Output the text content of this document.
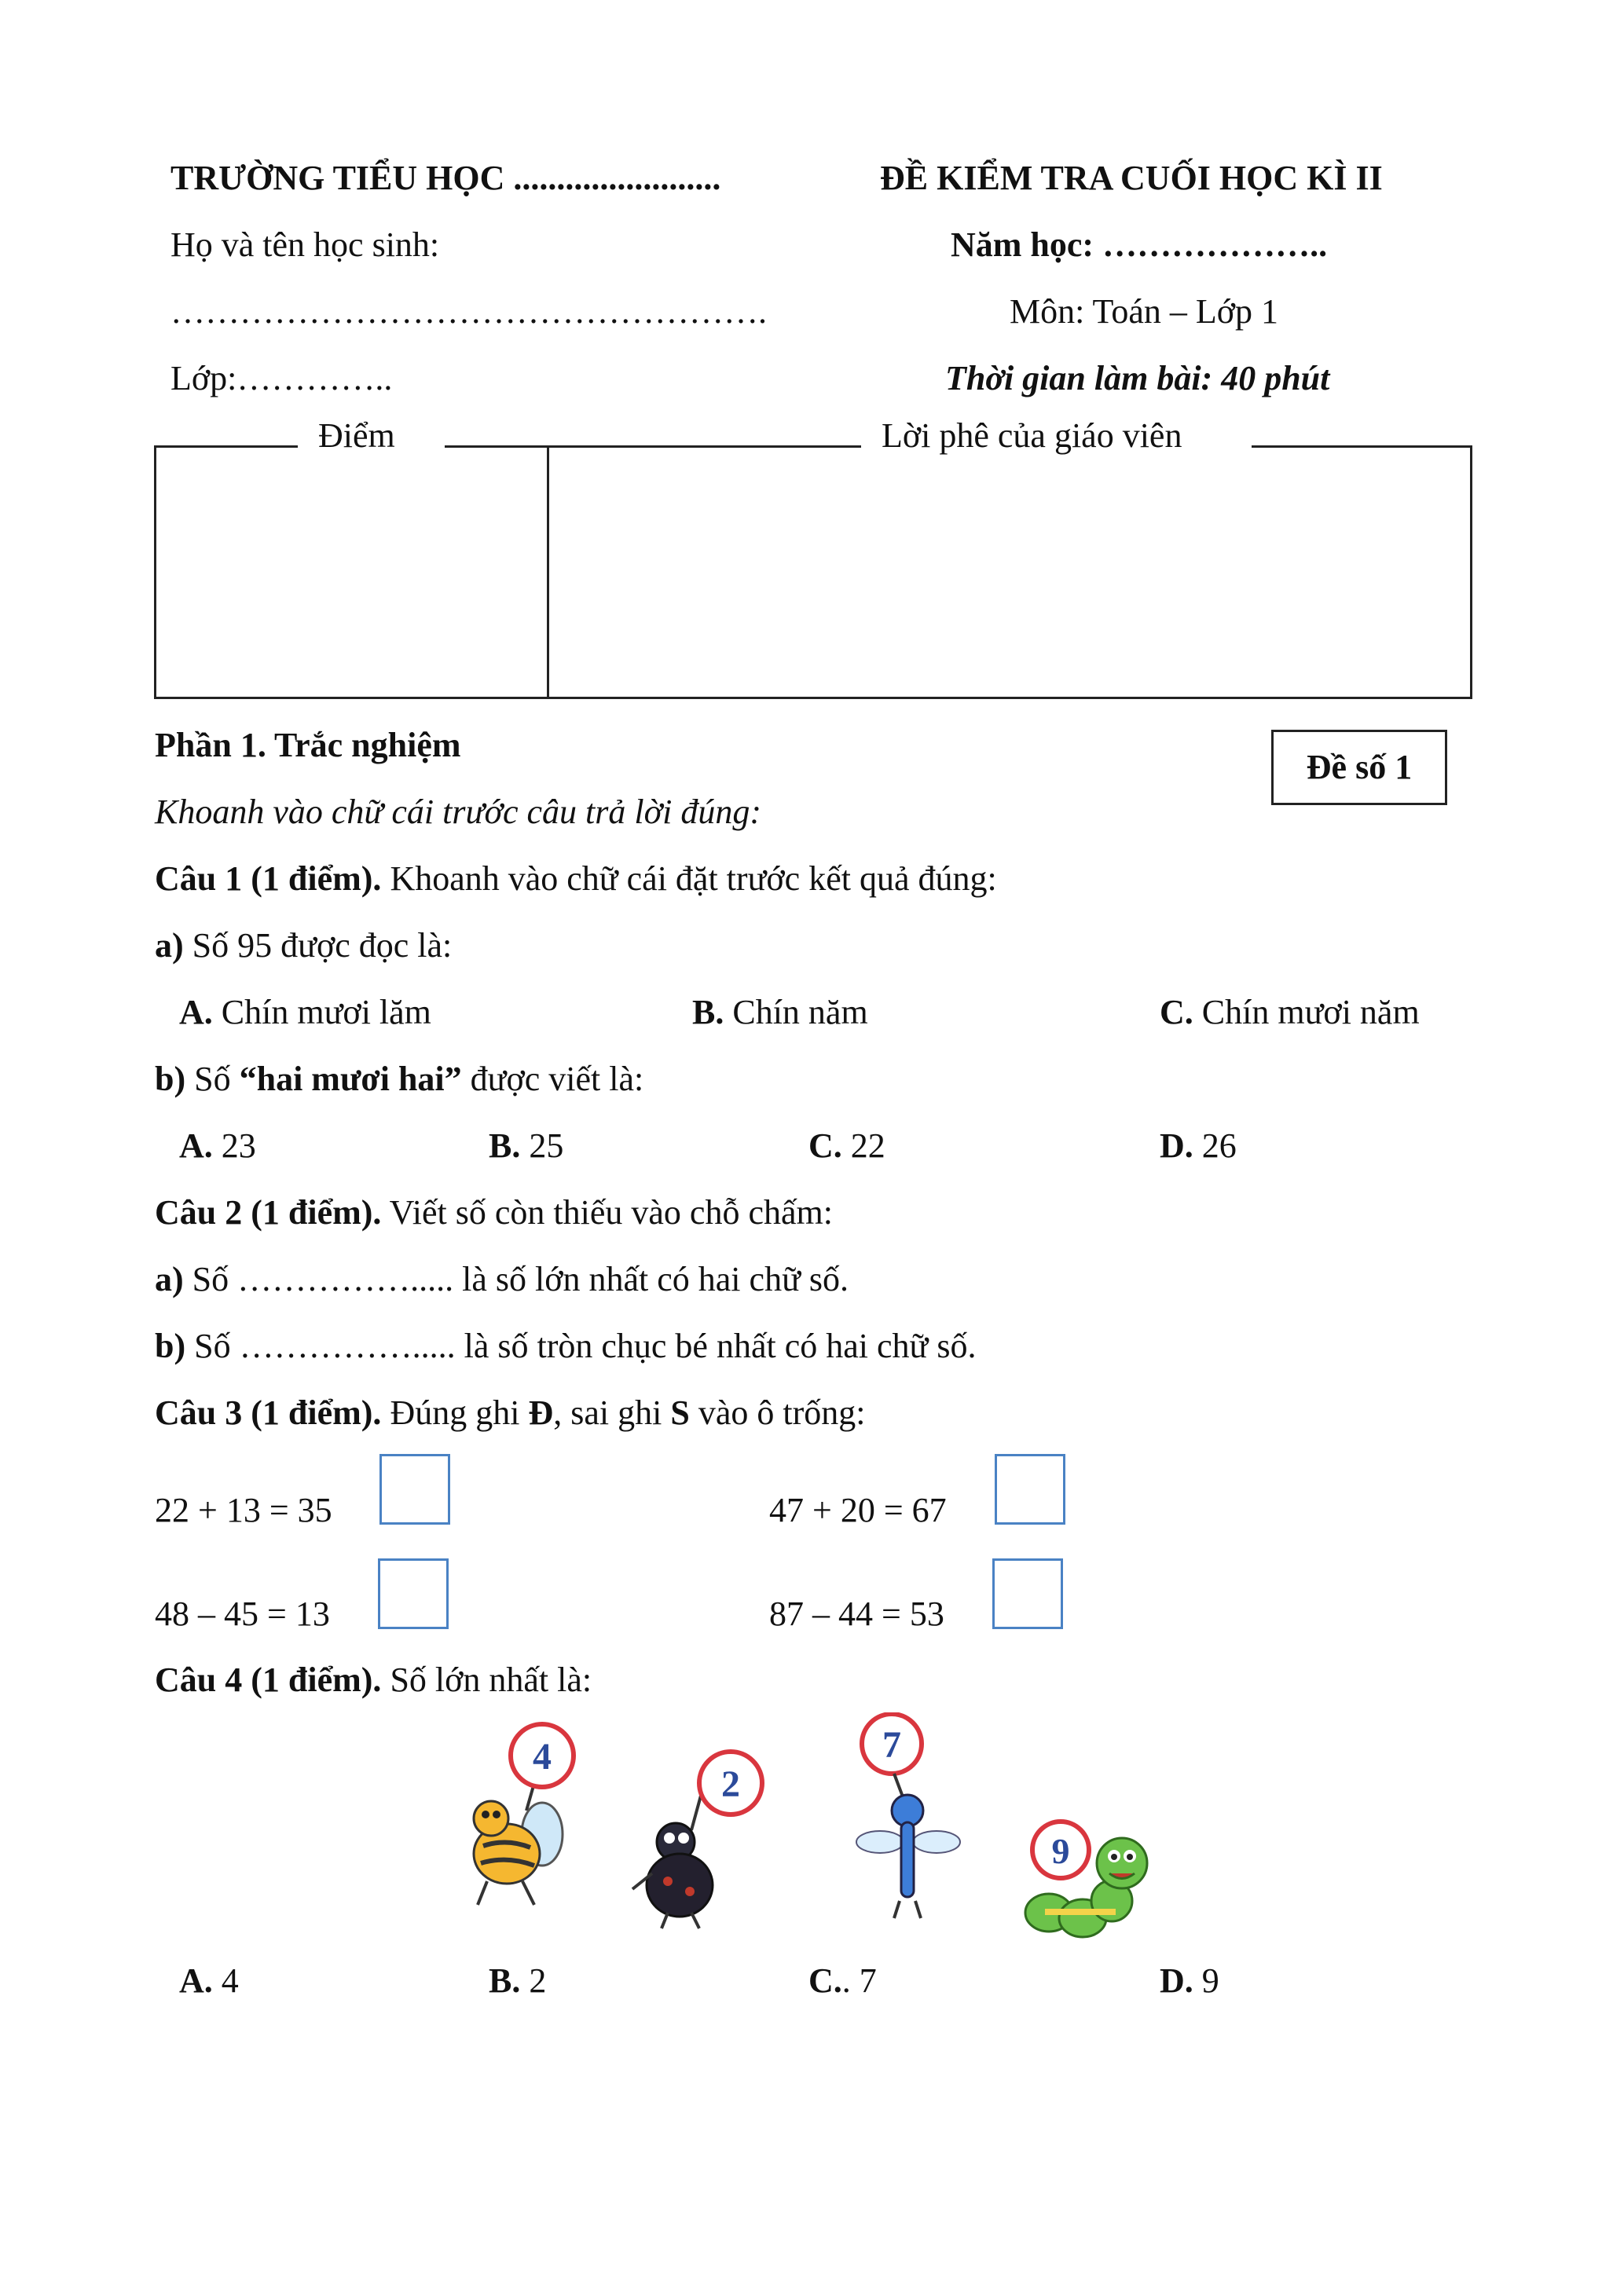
TRƯỜNG TIỂU HỌC ........................	ĐỀ KIỂM TRA CUỐI HỌC KÌ II
Họ và tên học sinh:	Năm học: ………………..
…………………………………………….	Môn: Toán – Lớp 1
Lớp:…………..	Thời gian làm bài: 40 phút
Điểm	Lời phê của giáo viên
Đề số 1
Phần 1. Trắc nghiệm
Khoanh vào chữ cái trước câu trả lời đúng:
Câu 1 (1 điểm). Khoanh vào chữ cái đặt trước kết quả đúng:
a) Số 95 được đọc là:
A. Chín mươi lăm	B. Chín năm	C. Chín mươi năm
b) Số “hai mươi hai” được viết là:
A. 23	B. 25	C. 22	D. 26
Câu 2 (1 điểm). Viết số còn thiếu vào chỗ chấm:
a) Số ……………..... là số lớn nhất có hai chữ số.
b) Số ……………..... là số tròn chục bé nhất có hai chữ số.
Câu 3 (1 điểm). Đúng ghi Đ, sai ghi S vào ô trống:
22 + 13 = 35	47 + 20 = 67
48 – 45 = 13	87 – 44 = 53
Câu 4 (1 điểm). Số lớn nhất là:
4
2
7
9
A. 4	B. 2	C.. 7	D. 9
